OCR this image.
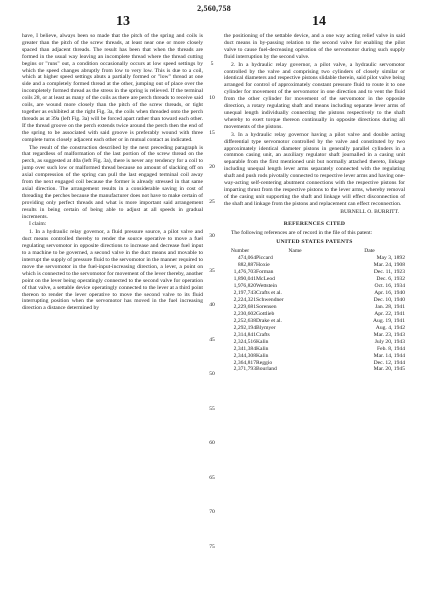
2,560,758
13	14

have, I believe, always been so made that the pitch of the spring and coils is greater than the pitch of the screw threads, at least near one or more closely spaced than adjacent threads. The result has been that when the threads are formed in the usual way leaving an incomplete thread where the thread cutting begins or "runs" out, a condition occasionally occurs at low speed settings by which the speed changes abruptly from low to very low. This is due to a coil, which at higher speed settings abuts a partially formed or "low" thread at one side and a completely formed thread at the other, jumping out of place over the incompletely formed thread as the stress in the spring is relieved. If the terminal coils 28, or at least as many of the coils as there are perch threads to receive said coils, are wound more closely than the pitch of the screw threads, or tight together as exhibited at the right Fig. 3a, the coils when threaded onto the perch threads as at 39a (left Fig. 3a) will be forced apart rather than toward each other. If the thread groove on the perch extends twice around the perch then the end of the spring to be associated with said groove is preferably wound with three complete turns closely adjacent each other or in mutual contact as indicated.

The result of the construction described by the next preceding paragraph is that regardless of malformation of the last portion of the screw thread on the perch, as suggested at 40a (left Fig. 3a), there is never any tendency for a coil to jump over such low or malformed thread because no amount of slacking off on axial compression of the spring can pull the last engaged terminal coil away from the next engaged coil because the former is already stressed in that same axial direction. The arrangement results in a considerable saving in cost of threading the perches because the manufacturer does not have to make certain of providing only perfect threads and what is more important said arrangement results in being certain of being able to adjust at all speeds in gradual increments.

I claim:

1. In a hydraulic relay governor, a fluid pressure source, a pilot valve and duct means controlled thereby to render the source operative to move a fuel regulating servomotor in opposite directions to increase and decrease fuel input to a machine to be governed, a second valve in the duct means and movable to interrupt the supply of pressure fluid to the servomotor in the manner required to move the servomotor in the fuel-input-increasing direction, a lever, a point on which is connected to the servomotor for movement of the lever thereby, another point on the lever being operatingly connected to the second valve for operation of that valve, a settable device operatingly connected to the lever at a third point thereon to render the lever operative to move the second valve to its fluid interrupting position when the servomotor has moved in the fuel increasing direction a distance determined by

5
10
15
20
25
30
35
40
45
50
55
60
65
70
75

the positioning of the settable device, and a one way acting relief valve in said duct means in by-passing relation to the second valve for enabling the pilot valve to cause fuel-decreasing operation of the servomotor during such supply fluid interruption by the second valve.

2. In a hydraulic relay governor, a pilot valve, a hydraulic servomotor controlled by the valve and comprising two cylinders of closely similar or identical diameters and respective pistons slidable therein, said pilot valve being arranged for control of approximately constant pressure fluid to route it to one cylinder for movement of the servomotor in one direction and to vent the fluid from the other cylinder for movement of the servomotor in the opposite direction, a rotary regulating shaft and means including separate lever arms of unequal length individually connecting the pistons respectively to the shaft whereby to exert torque thereon continually in opposite directions during all movements of the pistons.

3. In a hydraulic relay governor having a pilot valve and double acting differential type servomotor controlled by the valve and constituted by two approximately identical diameter pistons in generally parallel cylinders in a common casing unit, an auxiliary regulator shaft journalled in a casing unit separable from the first mentioned unit but normally attached thereto, linkage including unequal length lever arms separately connected with the regulating shaft and push rods pivotally connected to respective lever arms and having one-way-acting self-centering abutment connections with the respective pistons for imparting thrust from the respective pistons to the lever arms, whereby removal of the casing unit supporting the shaft and linkage will effect disconnection of the shaft and linkage from the pistons and replacement can effect reconnection.

BURNELL O. BURRITT.
REFERENCES CITED

The following references are of record in the file of this patent:

UNITED STATES PATENTS
Number	Name	Date
474,064	Piccard	May 3, 1892
882,887	Hoxie	Mar. 24, 1908
1,476,703	Forman	Dec. 11, 1923
1,890,041	McLeod	Dec. 6, 1932
1,976,820	Wettstein	Oct. 16, 1934
2,197,743	Crafts et al.	Apr. 16, 1940
2,224,321	Schwendner	Dec. 10, 1940
2,229,681	Sorensen	Jan. 28, 1941
2,230,602	Gottlieb	Apr. 22, 1941
2,252,638	Drake et al.	Aug. 19, 1941
2,292,194	Blymyer	Aug. 4, 1942
2,314,841	Crafts	Mar. 23, 1943
2,324,516	Kalin	July 20, 1943
2,341,384	Kalin	Feb. 8, 1944
2,344,308	Kalin	Mar. 14, 1944
2,364,817	Reggio	Dec. 12, 1944
2,371,793	Bourland	Mar. 20, 1945
